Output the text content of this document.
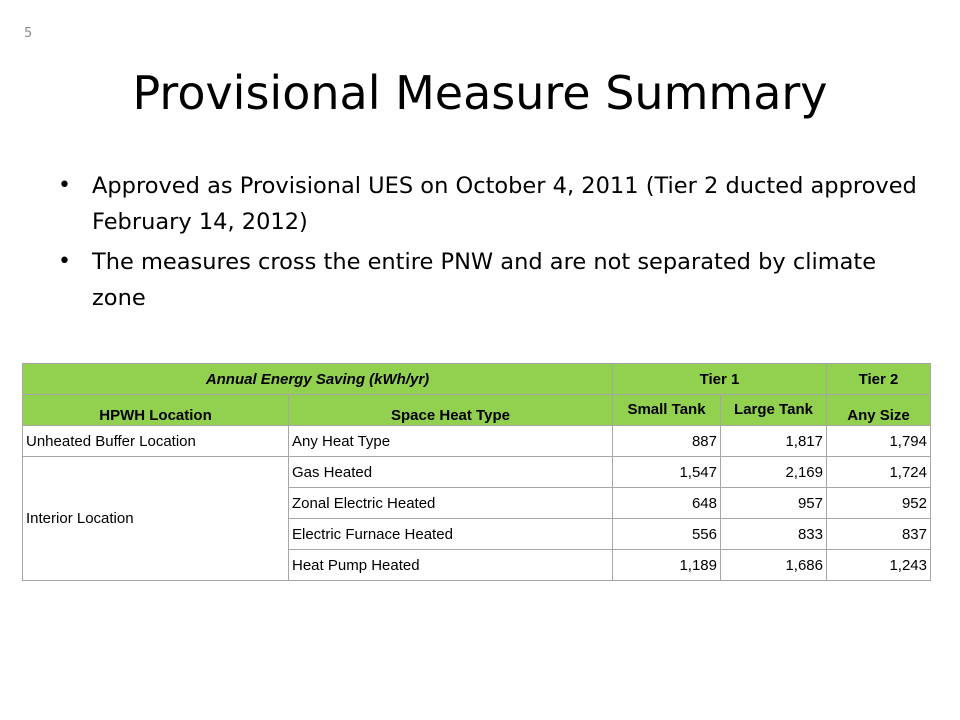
5
Provisional Measure Summary
• Approved as Provisional UES on October 4, 2011 (Tier 2 ducted approved February 14, 2012)
• The measures cross the entire PNW and are not separated by climate zone
Annual Energy Saving (kWh/yr)		Tier 1		Tier 2
HPWH Location	Space Heat Type	Small Tank	Large Tank	Any Size
Unheated Buffer Location	Any Heat Type	887	1,817	1,794
Interior Location	Gas Heated	1,547	2,169	1,724
	Zonal Electric Heated	648	957	952
	Electric Furnace Heated	556	833	837
	Heat Pump Heated	1,189	1,686	1,243
